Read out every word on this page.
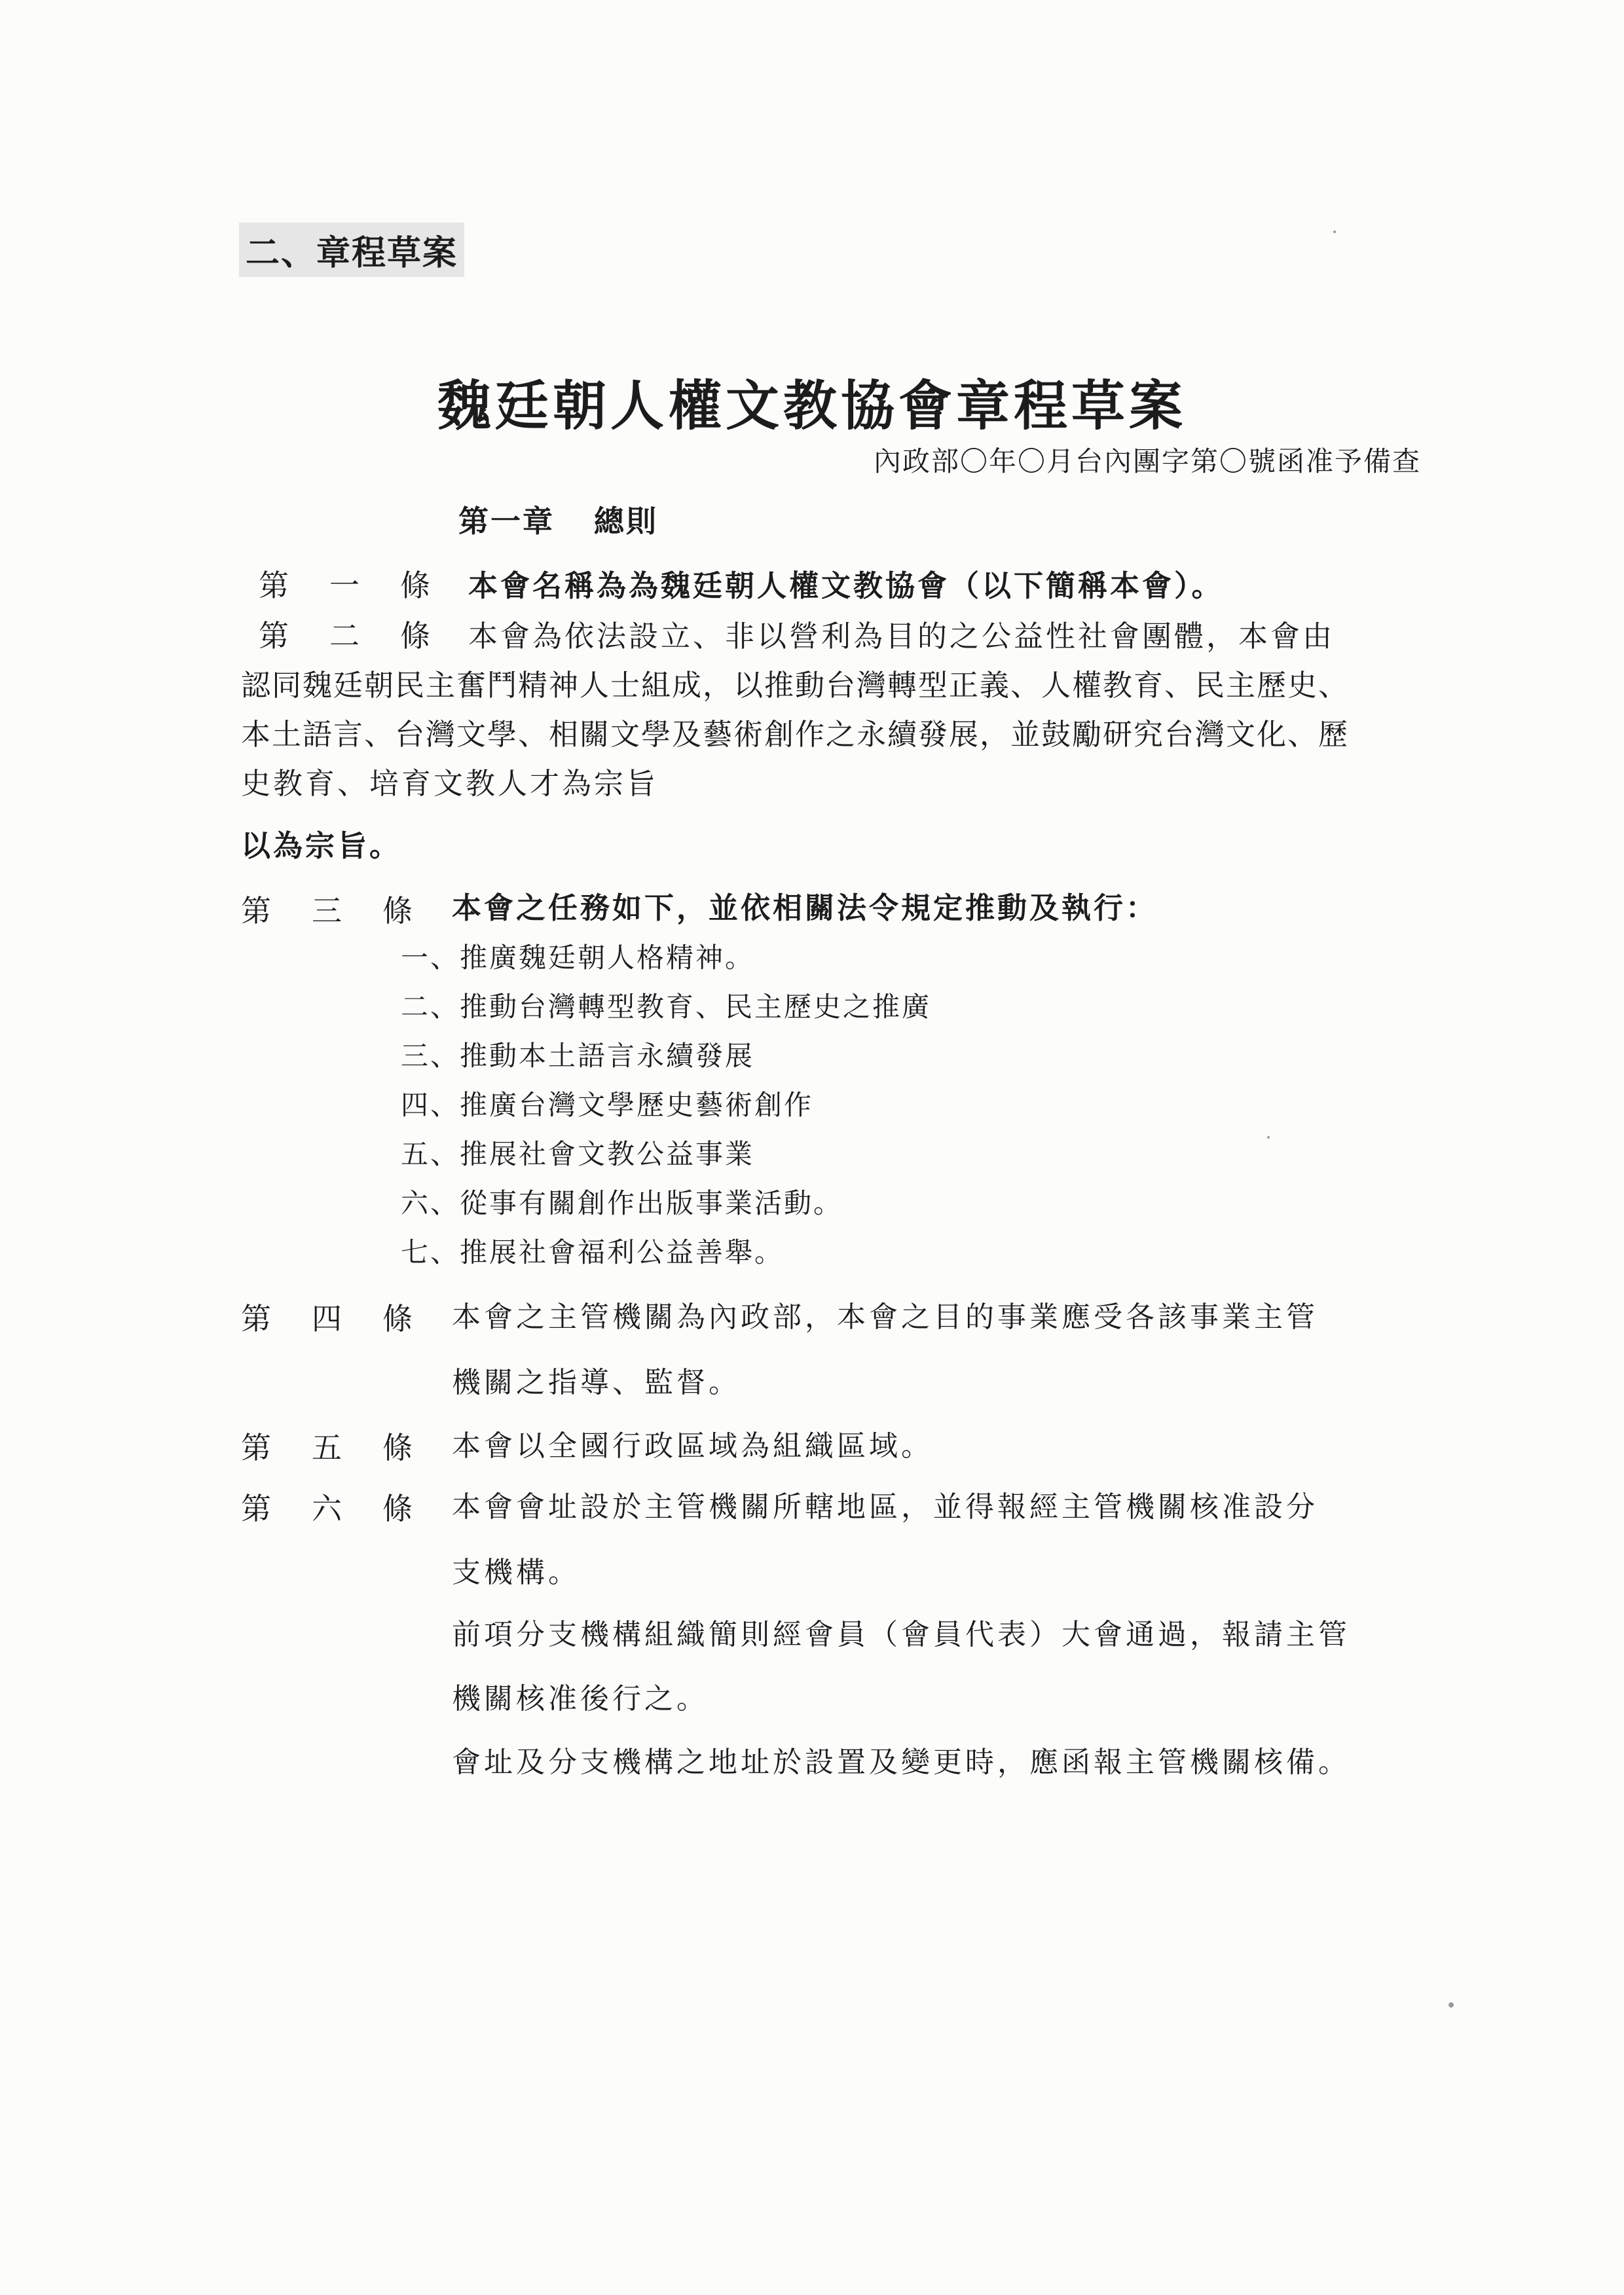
二、章程草案
魏廷朝人權文教協會章程草案
內政部〇年〇月台內團字第〇號函准予備查
第一章 總則
第 一 條	本會名稱為為魏廷朝人權文教協會（以下簡稱本會）。
第 二 條	本會為依法設立、非以營利為目的之公益性社會團體，本會由
認同魏廷朝民主奮鬥精神人士組成，以推動台灣轉型正義、人權教育、民主歷史、
本土語言、台灣文學、相關文學及藝術創作之永續發展，並鼓勵研究台灣文化、歷
史教育、培育文教人才為宗旨
以為宗旨。
第 三 條	本會之任務如下，並依相關法令規定推動及執行：
一、推廣魏廷朝人格精神。
二、推動台灣轉型教育、民主歷史之推廣
三、推動本土語言永續發展
四、推廣台灣文學歷史藝術創作
五、推展社會文教公益事業
六、從事有關創作出版事業活動。
七、推展社會福利公益善舉。
第 四 條	本會之主管機關為內政部，本會之目的事業應受各該事業主管
機關之指導、監督。
第 五 條	本會以全國行政區域為組織區域。
第 六 條	本會會址設於主管機關所轄地區，並得報經主管機關核准設分
支機構。
前項分支機構組織簡則經會員（會員代表）大會通過，報請主管
機關核准後行之。
會址及分支機構之地址於設置及變更時，應函報主管機關核備。
